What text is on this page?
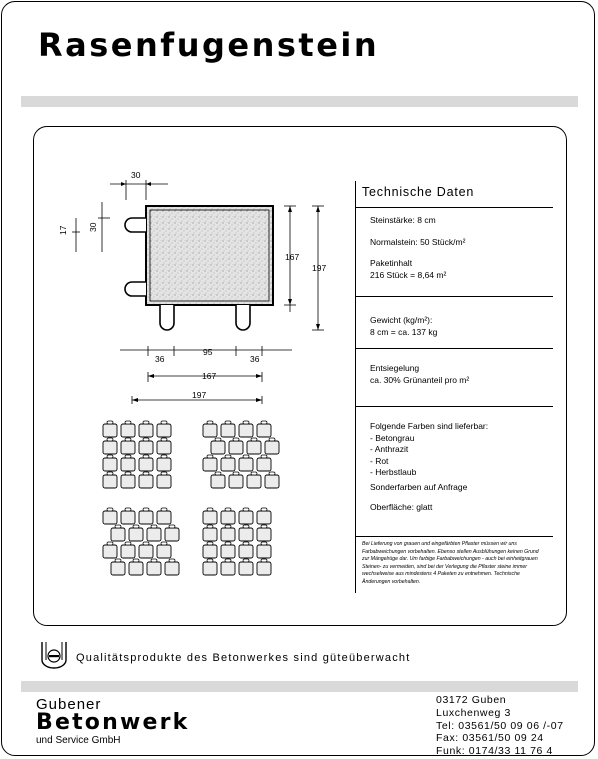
Rasenfugenstein
30
17 30
167
197
36
95
36
167
197
Technische Daten

Steinstärke: 8 cm

Normalstein: 50 Stück/m²

Paketinhalt

216 Stück = 8,64 m²

Gewicht (kg/m²):

8 cm = ca. 137 kg

Entsiegelung

ca. 30% Grünanteil pro m²

Folgende Farben sind lieferbar:

- Betongrau

- Anthrazit

- Rot

- Herbstlaub

Sonderfarben auf Anfrage

Oberfläche: glatt

Bei Lieferung von grauen und eingefärbten Pflaster müssen wir uns Farbabweichungen vorbehalten. Ebenso stellen Ausblühungen keinen Grund zur Mängelrüge dar. Um farbige Farbabweichungen - auch bei einheitgrauen Steinen- zu vermeiden, sind bei der Verlegung die Pflaster steine immer wechselweise aus mindestens 4 Paketen zu entnehmen. Technische Änderungen vorbehalten.
Qualitätsprodukte des Betonwerkes sind güteüberwacht
Gubener
Betonwerk
und Service GmbH
03172 Guben
Luxchenweg 3
Tel: 03561/50 09 06 /-07
Fax: 03561/50 09 24
Funk: 0174/33 11 76 4
